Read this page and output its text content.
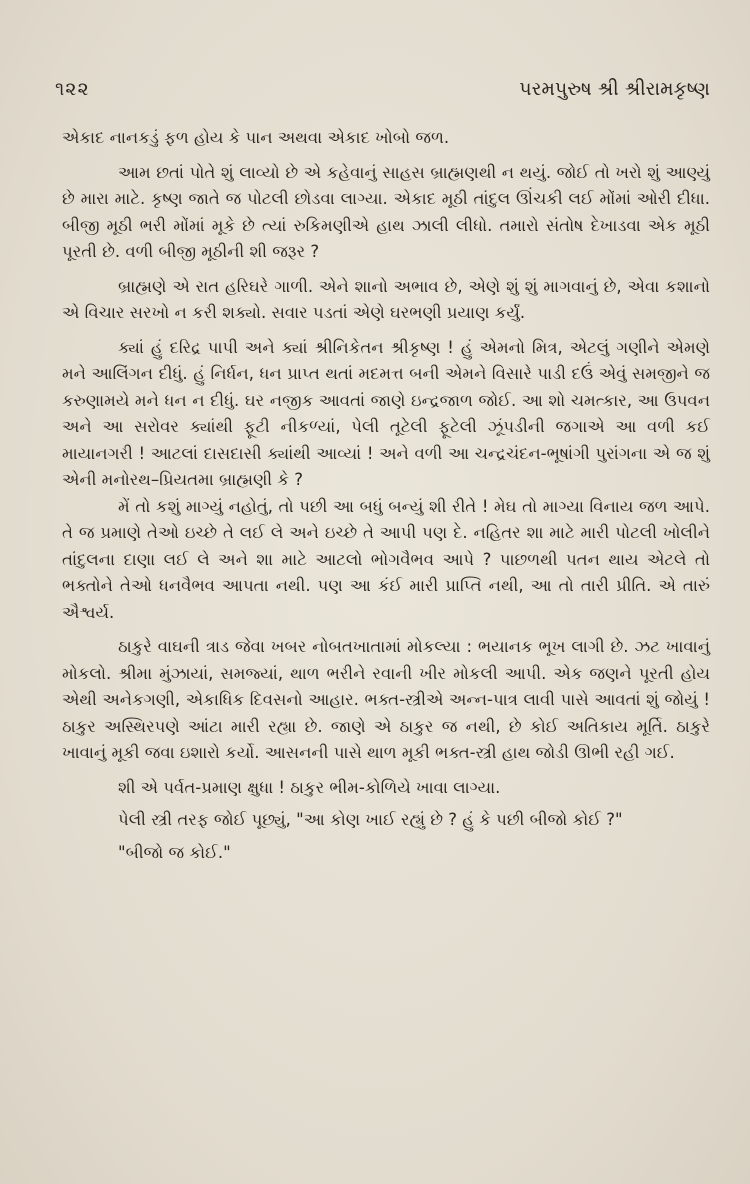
૧૨૨	પરમપુરુષ શ્રી શ્રીરામકૃષ્ણ

એકાદ નાનકડું ફળ હોય કે પાન અથવા એકાદ ખોબો જળ.

આમ છતાં પોતે શું લાવ્યો છે એ કહેવાનું સાહસ બ્રાહ્મણથી ન થયું. જોઈ તો ખરો શું આણ્યું છે મારા માટે. કૃષ્ણ જાતે જ પોટલી છોડવા લાગ્યા. એકાદ મૂઠી તાંદુલ ઊંચકી લઈ મોંમાં ઓરી દીધા. બીજી મૂઠી ભરી મોંમાં મૂકે છે ત્યાં રુકિમણીએ હાથ ઝાલી લીધો. તમારો સંતોષ દેખાડવા એક મૂઠી પૂરતી છે. વળી બીજી મૂઠીની શી જરૂર ?

બ્રાહ્મણે એ રાત હરિઘરે ગાળી. એને શાનો અભાવ છે, એણે શું શું માગવાનું છે, એવા કશાનો એ વિચાર સરખો ન કરી શક્યો. સવાર પડતાં એણે ઘરભણી પ્રયાણ કર્યું.

ક્યાં હું દરિદ્ર પાપી અને ક્યાં શ્રીનિકેતન શ્રીકૃષ્ણ ! હું એમનો મિત્ર, એટલું ગણીને એમણે મને આલિંગન દીધું. હું નિર્ધન, ધન પ્રાપ્ત થતાં મદમત્ત બની એમને વિસારે પાડી દઉં એવું સમજીને જ કરુણામયે મને ધન ન દીધું. ઘર નજીક આવતાં જાણે ઇન્દ્રજાળ જોઈ. આ શો ચમત્કાર, આ ઉપવન અને આ સરોવર ક્યાંથી ફૂટી નીકળ્યાં, પેલી તૂટેલી ફૂટેલી ઝૂંપડીની જગાએ આ વળી કઈ માયાનગરી ! આટલાં દાસદાસી ક્યાંથી આવ્યાં ! અને વળી આ ચન્દ્રચંદન-ભૂષાંગી પુરાંગના એ જ શું એની મનોરથ–પ્રિયતમા બ્રાહ્મણી કે ?

મેં તો કશું માગ્યું નહોતું, તો પછી આ બધું બન્યું શી રીતે ! મેઘ તો માગ્યા વિનાય જળ આપે. તે જ પ્રમાણે તેઓ ઇચ્છે તે લઈ લે અને ઇચ્છે તે આપી પણ દે. નહિતર શા માટે મારી પોટલી ખોલીને તાંદુલના દાણા લઈ લે અને શા માટે આટલો ભોગવૈભવ આપે ? પાછળથી પતન થાય એટલે તો ભક્તોને તેઓ ધનવૈભવ આપતા નથી. પણ આ કંઈ મારી પ્રાપ્તિ નથી, આ તો તારી પ્રીતિ. એ તારું ઐશ્વર્ય.

ઠાકુરે વાઘની ત્રાડ જેવા ખબર નોબતખાતામાં મોકલ્યા : ભયાનક ભૂખ લાગી છે. ઝટ ખાવાનું મોકલો. શ્રીમા મુંઝાયાં, સમજ્યાં, થાળ ભરીને રવાની ખીર મોકલી આપી. એક જણને પૂરતી હોય એથી અનેકગણી, એકાધિક દિવસનો આહાર. ભક્ત-સ્ત્રીએ અન્ન-પાત્ર લાવી પાસે આવતાં શું જોયું ! ઠાકુર અસ્થિરપણે આંટા મારી રહ્યા છે. જાણે એ ઠાકુર જ નથી, છે કોઈ અતિકાય મૂર્તિ. ઠાકુરે ખાવાનું મૂકી જવા ઇશારો કર્યો. આસનની પાસે થાળ મૂકી ભક્ત-સ્ત્રી હાથ જોડી ઊભી રહી ગઈ.

શી એ પર્વત-પ્રમાણ ક્ષુધા ! ઠાકુર ભીમ-કોળિયે ખાવા લાગ્યા.

પેલી સ્ત્રી તરફ જોઈ પૂછ્યું, "આ કોણ ખાઈ રહ્યું છે ? હું કે પછી બીજો કોઈ ?"

"બીજો જ કોઈ."
